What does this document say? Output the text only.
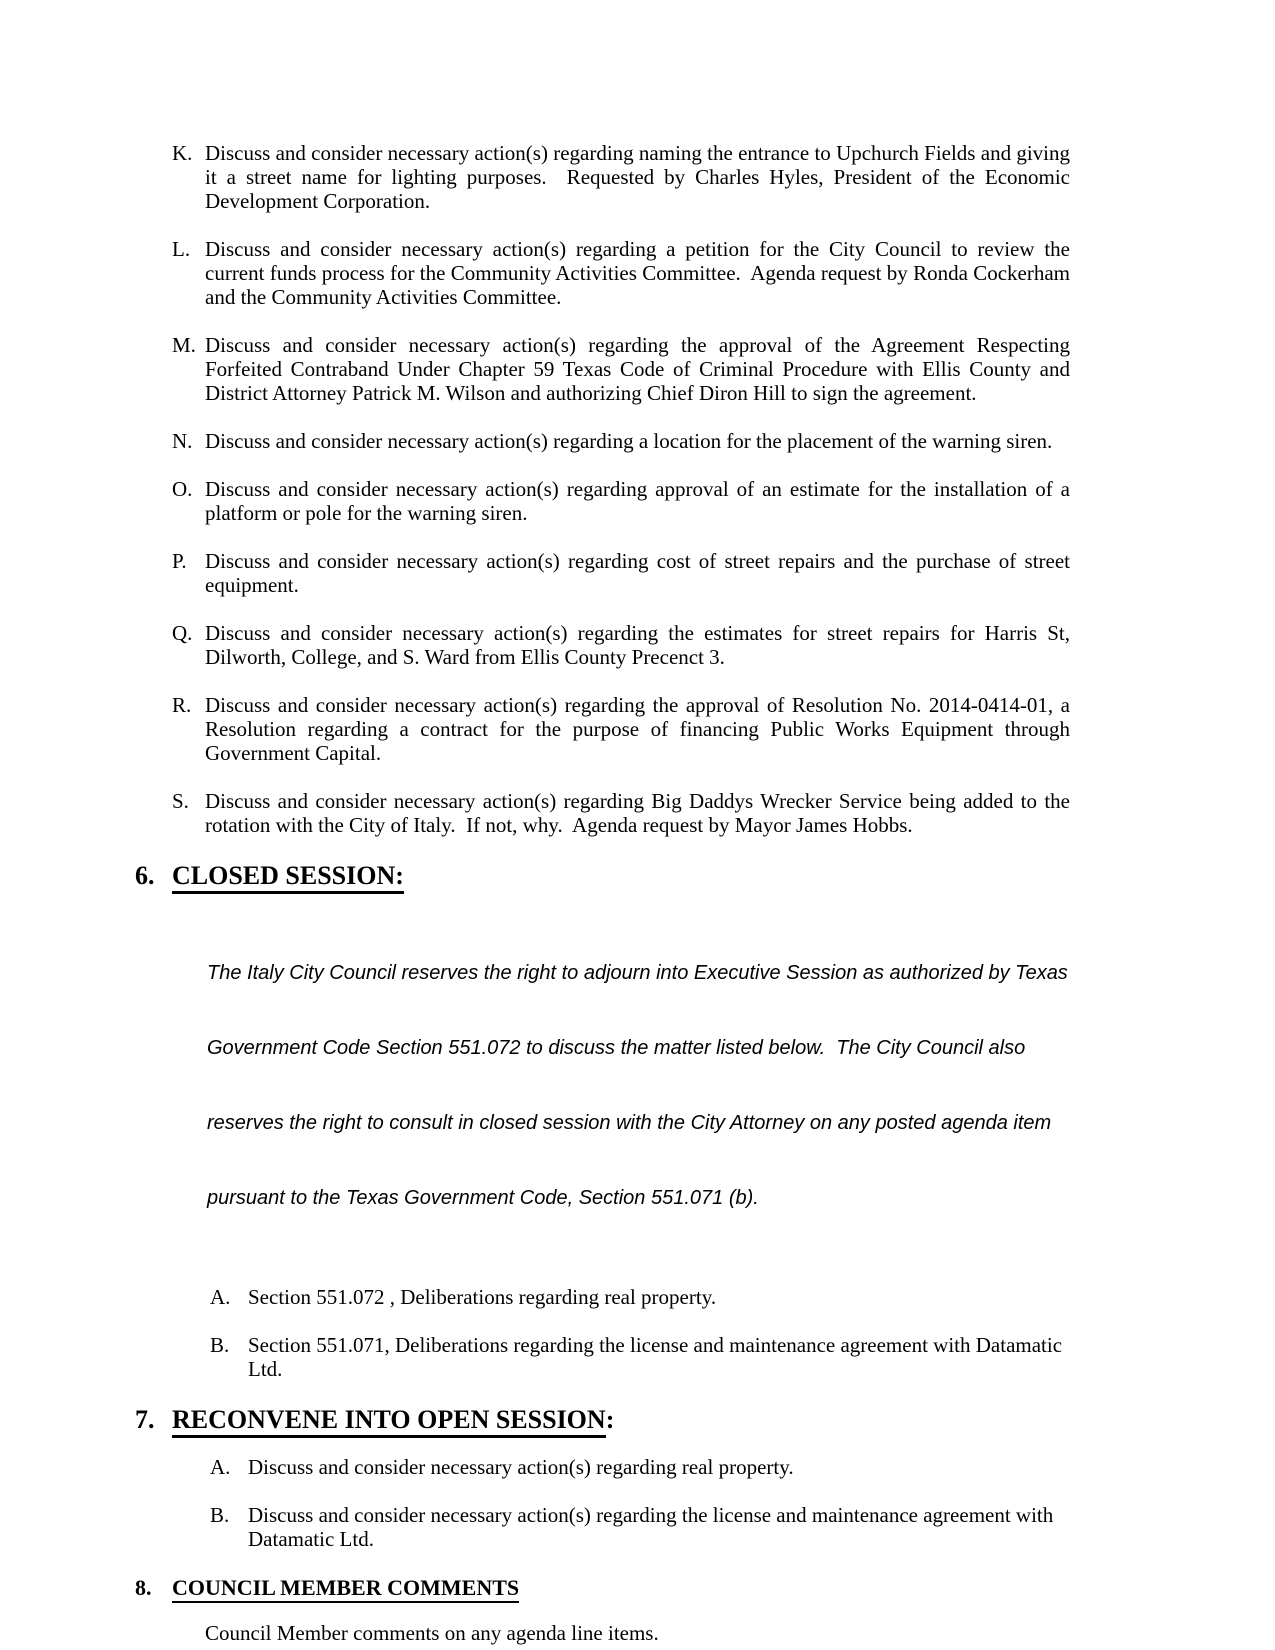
K. Discuss and consider necessary action(s) regarding naming the entrance to Upchurch Fields and giving it a street name for lighting purposes.  Requested by Charles Hyles, President of the Economic Development Corporation.
L. Discuss and consider necessary action(s) regarding a petition for the City Council to review the current funds process for the Community Activities Committee.  Agenda request by Ronda Cockerham and the Community Activities Committee.
M. Discuss and consider necessary action(s) regarding the approval of the Agreement Respecting Forfeited Contraband Under Chapter 59 Texas Code of Criminal Procedure with Ellis County and District Attorney Patrick M. Wilson and authorizing Chief Diron Hill to sign the agreement.
N. Discuss and consider necessary action(s) regarding a location for the placement of the warning siren.
O. Discuss and consider necessary action(s) regarding approval of an estimate for the installation of a platform or pole for the warning siren.
P. Discuss and consider necessary action(s) regarding cost of street repairs and the purchase of street equipment.
Q. Discuss and consider necessary action(s) regarding the estimates for street repairs for Harris St, Dilworth, College, and S. Ward from Ellis County Precenct 3.
R. Discuss and consider necessary action(s) regarding the approval of Resolution No. 2014-0414-01, a Resolution regarding a contract for the purpose of financing Public Works Equipment through Government Capital.
S. Discuss and consider necessary action(s) regarding Big Daddys Wrecker Service being added to the rotation with the City of Italy.  If not, why.  Agenda request by Mayor James Hobbs.
6. CLOSED SESSION:

The Italy City Council reserves the right to adjourn into Executive Session as authorized by Texas

Government Code Section 551.072 to discuss the matter listed below.  The City Council also

reserves the right to consult in closed session with the City Attorney on any posted agenda item

pursuant to the Texas Government Code, Section 551.071 (b).

A. Section 551.072 , Deliberations regarding real property.
B. Section 551.071, Deliberations regarding the license and maintenance agreement with Datamatic Ltd.
7. RECONVENE INTO OPEN SESSION:
A. Discuss and consider necessary action(s) regarding real property.
B. Discuss and consider necessary action(s) regarding the license and maintenance agreement with Datamatic Ltd.
8. COUNCIL MEMBER COMMENTS
Council Member comments on any agenda line items.
